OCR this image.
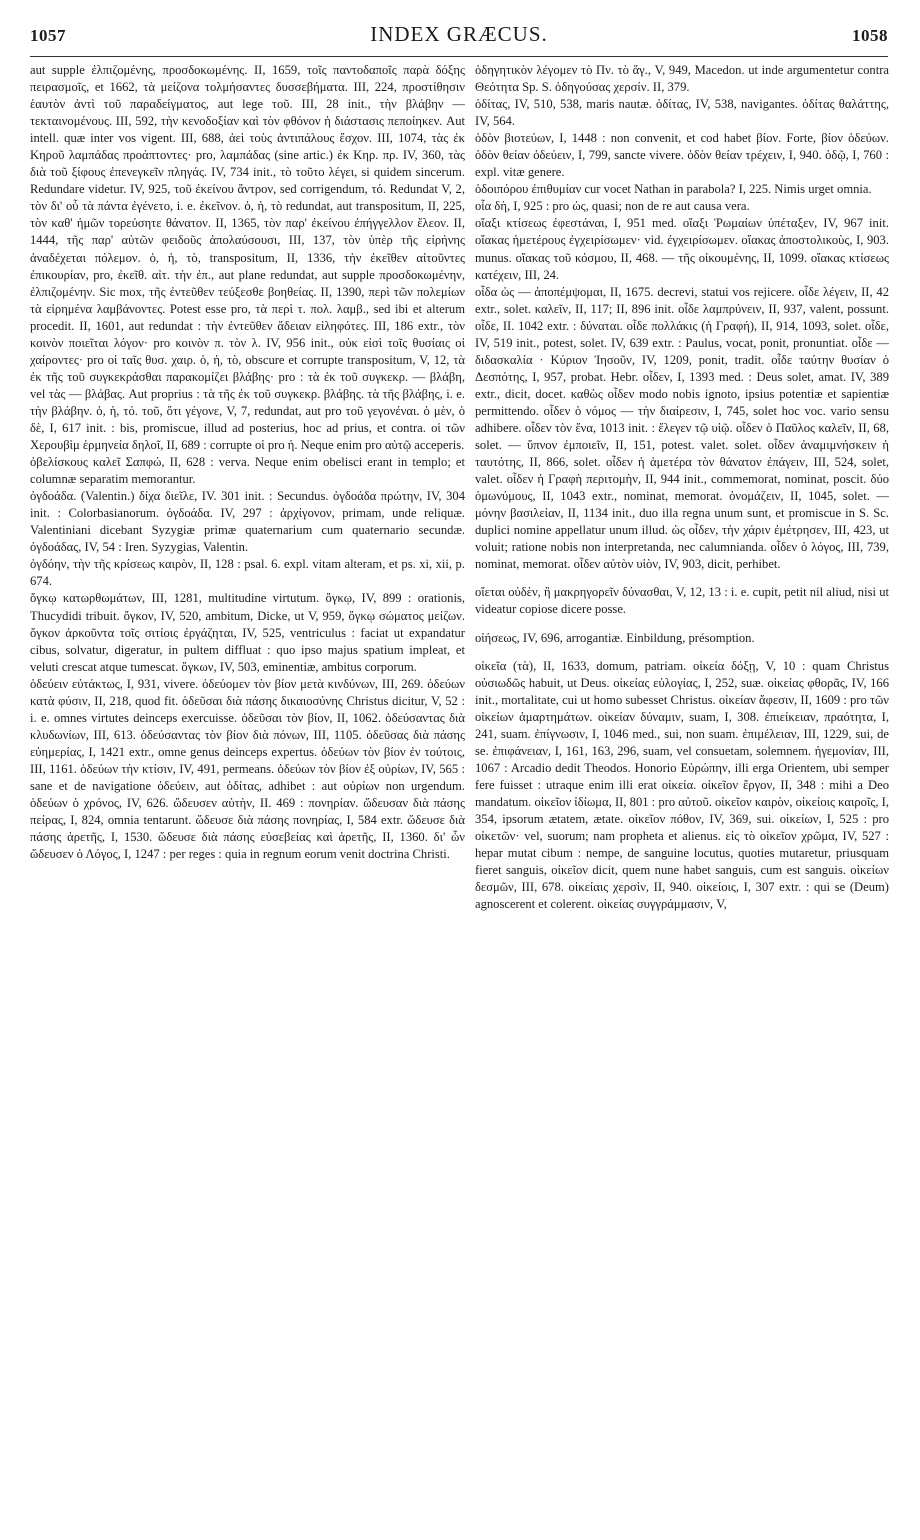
1057	INDEX GRÆCUS.	1058

aut supple ἐλπιζομένης, προσδοκωμένης. II, 1659, τοῖς παντοδαποῖς παρὰ δόξης πειρασμοῖς, et 1662, τὰ μείζονα τολμήσαντες δυσσεβήματα. III, 224, προστίθησιν ἑαυτὸν ἀντὶ τοῦ παραδείγματος, aut lege τοῦ. III, 28 init., τὴν βλάβην — τεκταινομένους. III, 592, τὴν κενοδοξίαν καὶ τὸν φθόνον ἡ διάστασις πεποίηκεν. Aut intell. quæ inter vos vigent. III, 688, ἀεὶ τοὺς ἀντιπάλους ἔσχον. III, 1074, τὰς ἐκ Κηροῦ λαμπάδας προάπτοντες· pro, λαμπάδας (sine artic.) ἐκ Κηρ. πρ. IV, 360, τὰς διὰ τοῦ ξίφους ἐπενεγκεῖν πληγάς. IV, 734 init., τὸ τοῦτο λέγει, si quidem sincerum. Redundare videtur. IV, 925, τοῦ ἐκείνου ἄντρον, sed corrigendum, τό. Redundat V, 2, τὸν δι' οὗ τὰ πάντα ἐγένετο, i. e. ἐκεῖνον. ὁ, ἡ, τὸ redundat, aut transpositum, II, 225, τὸν καθ' ἡμῶν τορεύσητε θάνατον. II, 1365, τὸν παρ' ἐκείνου ἐπήγγελλον ἔλεον. II, 1444, τῆς παρ' αὐτῶν φειδοῦς ἀπολαύσουσι, III, 137, τὸν ὑπὲρ τῆς εἰρήνης ἀναδέχεται πόλεμον. ὁ, ἡ, τὸ, transpositum, II, 1336, τὴν ἐκεῖθεν αἰτοῦντες ἐπικουρίαν, pro, ἐκεῖθ. αἰτ. τὴν ἐπ., aut plane redundat, aut supple προσδοκωμένην, ἐλπιζομένην. Sic mox, τῆς ἐντεῦθεν τεύξεσθε βοηθείας. II, 1390, περὶ τῶν πολεμίων τὰ εἰρημένα λαμβάνοντες. Potest esse pro, τὰ περὶ τ. πολ. λαμβ., sed ibi et alterum procedit. II, 1601, aut redundat : τὴν ἐντεῦθεν ἄδειαν εἰληφότες. III, 186 extr., τὸν κοινὸν ποιεῖται λόγον· pro κοινὸν π. τὸν λ. IV, 956 init., οὐκ εἰσὶ τοῖς θυσίαις οἱ χαίροντες· pro οἱ ταῖς θυσ. χαιρ. ὁ, ἡ, τὸ, obscure et corrupte transpositum, V, 12, τὰ ἐκ τῆς τοῦ συγκεκράσθαι παρακομίζει βλάβης· pro : τὰ ἐκ τοῦ συγκεκρ. — βλάβη, vel τὰς — βλάβας. Aut proprius : τὰ τῆς ἐκ τοῦ συγκεκρ. βλάβης. τὰ τῆς βλάβης, i. e. τὴν βλάβην. ὁ, ἡ, τό. τοῦ, ὅτι γέγονε, V, 7, redundat, aut pro τοῦ γεγονέναι. ὁ μὲν, ὁ δὲ, I, 617 init. : bis, promiscue, illud ad posterius, hoc ad prius, et contra. οἱ τῶν Χερουβὶμ ἑρμηνεία δηλοῖ, II, 689 : corrupte οἱ pro ἡ. Neque enim pro αὐτῷ acceperis.

ὀβελίσκους καλεῖ Σαπφώ, II, 628 : verva. Neque enim obelisci erant in templo; et columnæ separatim memorantur.

ὀγδοάδα. (Valentin.) δίχα διεῖλε, IV. 301 init. : Secundus. ὀγδοάδα πρώτην, IV, 304 init. : Colorbasianorum. ὀγδοάδα. IV, 297 : ἀρχίγονον, primam, unde reliquæ. Valentiniani dicebant Syzygiæ primæ quaternarium cum quaternario secundæ. ὀγδοάδας, IV, 54 : Iren. Syzygias, Valentin.

ὀγδόην, τὴν τῆς κρίσεως καιρὸν, II, 128 : psal. 6. expl. vitam alteram, et ps. xi, xii, p. 674.

ὄγκῳ κατωρθωμάτων, III, 1281, multitudine virtutum. ὄγκῳ, IV, 899 : orationis, Thucydidi tribuit. ὄγκον, IV, 520, ambitum, Dicke, ut V, 959, ὄγκῳ σώματος μείζων. ὄγκον ἀρκοῦντα τοῖς σιτίοις ἐργάζηται, IV, 525, ventriculus : faciat ut expandatur cibus, solvatur, digeratur, in pultem diffluat : quo ipso majus spatium impleat, et veluti crescat atque tumescat. ὄγκων, IV, 503, eminentiæ, ambitus corporum.

ὁδεύειν εὐτάκτως, I, 931, vivere. ὁδεύομεν τὸν βίον μετὰ κινδύνων, III, 269. ὁδεύων κατὰ φύσιν, II, 218, quod fit. ὁδεῦσαι διὰ πάσης δικαιοσύνης Christus dicitur, V, 52 : i. e. omnes virtutes deinceps exercuisse. ὁδεῦσαι τὸν βίον, II, 1062. ὁδεύσαντας διὰ κλυδωνίων, III, 613. ὁδεύσαντας τὸν βίον διὰ πόνων, III, 1105. ὁδεῦσας διὰ πάσης εὐημερίας, I, 1421 extr., omne genus deinceps expertus. ὁδεύων τὸν βίον ἐν τούτοις, III, 1161. ὁδεύων τὴν κτίσιν, IV, 491, permeans. ὁδεύων τὸν βίον ἐξ οὐρίων, IV, 565 : sane et de navigatione ὁδεύειν, aut ὁδίτας, adhibet : aut οὐρίων non urgendum. ὁδεύων ὁ χρόνος, IV, 626. ὥδευσεν αὐτὴν, II. 469 : πονηρίαν. ὥδευσαν διὰ πάσης πείρας, I, 824, omnia tentarunt. ὥδευσε διὰ πάσης πονηρίας, I, 584 extr. ὥδευσε διὰ πάσης ἀρετῆς, I, 1530. ὥδευσε διὰ πάσης εὐσεβείας καὶ ἀρετῆς, II, 1360. δι' ὧν ὥδευσεν ὁ Λόγος, I, 1247 : per reges : quia in regnum eorum venit doctrina Christi.

ὁδηγητικὸν λέγομεν τὸ Πν. τὸ ἅγ., V, 949, Macedon. ut inde argumentetur contra Θεότητα Sp. S. ὁδηγούσας χερσίν. II, 379.

ὁδίτας, IV, 510, 538, maris nautæ. ὁδίτας, IV, 538, navigantes. ὁδίτας θαλάττης, IV, 564.

ὁδὸν βιοτεύων, I, 1448 : non convenit, et cod habet βίον. Forte, βίον ὁδεύων. ὁδὸν θείαν ὁδεύειν, I, 799, sancte vivere. ὁδὸν θείαν τρέχειν, I, 940. ὁδῷ, I, 760 : expl. vitæ genere.

ὁδοιπόρου ἐπιθυμίαν cur vocet Nathan in parabola? I, 225. Nimis urget omnia.

οἷα δὴ, I, 925 : pro ὡς, quasi; non de re aut causa vera.

οἴαξι κτίσεως ἐφεστάναι, I, 951 med. οἴαξι Ῥωμαίων ὑπέταξεν, IV, 967 init. οἴακας ἡμετέρους ἐγχειρίσωμεν· vid. ἐγχειρίσωμεν. οἴακας ἀποστολικοὺς, I, 903. munus. οἴακας τοῦ κόσμου, II, 468. — τῆς οἰκουμένης, II, 1099. οἴακας κτίσεως κατέχειν, III, 24.

οἶδα ὡς — ἀποπέμψομαι, II, 1675. decrevi, statui vos rejicere. οἶδε λέγειν, II, 42 extr., solet. καλεῖν, II, 117; II, 896 init. οἶδε λαμπρύνειν, II, 937, valent, possunt. οἶδε, II. 1042 extr. : δύναται. οἶδε πολλάκις (ἡ Γραφή), II, 914, 1093, solet. οἶδε, IV, 519 init., potest, solet. IV, 639 extr. : Paulus, vocat, ponit, pronuntiat. οἶδε — διδασκαλία · Κύριον Ἰησοῦν, IV, 1209, ponit, tradit. οἶδε ταύτην θυσίαν ὁ Δεσπότης, I, 957, probat. Hebr. οἶδεν, I, 1393 med. : Deus solet, amat. IV, 389 extr., dicit, docet. καθὼς οἶδεν modo nobis ignoto, ipsius potentiæ et sapientiæ permittendo. οἶδεν ὁ νόμος — τὴν διαίρεσιν, I, 745, solet hoc voc. vario sensu adhibere. οἶδεν τὸν ἕνα, 1013 init. : ἔλεγεν τῷ υἱῷ. οἶδεν ὁ Παῦλος καλεῖν, II, 68, solet. — ὕπνον ἐμποιεῖν, II, 151, potest. valet. solet. οἶδεν ἀναμιμνήσκειν ἡ ταυτότης, II, 866, solet. οἶδεν ἡ ἁμετέρα τὸν θάνατον ἐπάγειν, III, 524, solet, valet. οἶδεν ἡ Γραφὴ περιτομὴν, II, 944 init., commemorat, nominat, poscit. δύο ὁμωνύμους, II, 1043 extr., nominat, memorat. ὀνομάζειν, II, 1045, solet. — μόνην βασιλείαν, II, 1134 init., duo illa regna unum sunt, et promiscue in S. Sc. duplici nomine appellatur unum illud. ὡς οἶδεν, τὴν χάριν ἐμέτρησεν, III, 423, ut voluit; ratione nobis non interpretanda, nec calumnianda. οἶδεν ὁ λόγος, III, 739, nominat, memorat. οἶδεν αὐτὸν υἱὸν, IV, 903, dicit, perhibet.

οἴεται οὐδὲν, ἢ μακρηγορεῖν δύνασθαι, V, 12, 13 : i. e. cupit, petit nil aliud, nisi ut videatur copiose dicere posse.

οἰήσεως, IV, 696, arrogantiæ. Einbildung, présomption.

οἰκεῖα (τὰ), II, 1633, domum, patriam. οἰκεία δόξῃ, V, 10 : quam Christus οὐσιωδῶς habuit, ut Deus. οἰκείας εὐλογίας, I, 252, suæ. οἰκείας φθορᾶς, IV, 166 init., mortalitate, cui ut homo subesset Christus. οἰκείαν ἄφεσιν, II, 1609 : pro τῶν οἰκείων ἁμαρτημάτων. οἰκείαν δύναμιν, suam, I, 308. ἐπιείκειαν, πραότητα, I, 241, suam. ἐπίγνωσιν, I, 1046 med., sui, non suam. ἐπιμέλειαν, III, 1229, sui, de se. ἐπιφάνειαν, I, 161, 163, 296, suam, vel consuetam, solemnem. ἡγεμονίαν, III, 1067 : Arcadio dedit Theodos. Honorio Εὐρώπην, illi erga Orientem, ubi semper fere fuisset : utraque enim illi erat οἰκεία. οἰκεῖον ἔργον, II, 348 : mihi a Deo mandatum. οἰκεῖον ἰδίωμα, II, 801 : pro αὐτοῦ. οἰκεῖον καιρὸν, οἰκείοις καιροῖς, I, 354, ipsorum ætatem, ætate. οἰκεῖον πόθον, IV, 369, sui. οἰκείων, I, 525 : pro οἰκετῶν· vel, suorum; nam propheta et alienus. εἰς τὸ οἰκεῖον χρῶμα, IV, 527 : hepar mutat cibum : nempe, de sanguine locutus, quoties mutaretur, priusquam fieret sanguis, οἰκεῖον dicit, quem nune habet sanguis, cum est sanguis. οἰκείων δεσμῶν, III, 678. οἰκείαις χερσὶν, II, 940. οἰκείοις, I, 307 extr. : qui se (Deum) agnoscerent et colerent. οἰκείας συγγράμμασιν, V,
